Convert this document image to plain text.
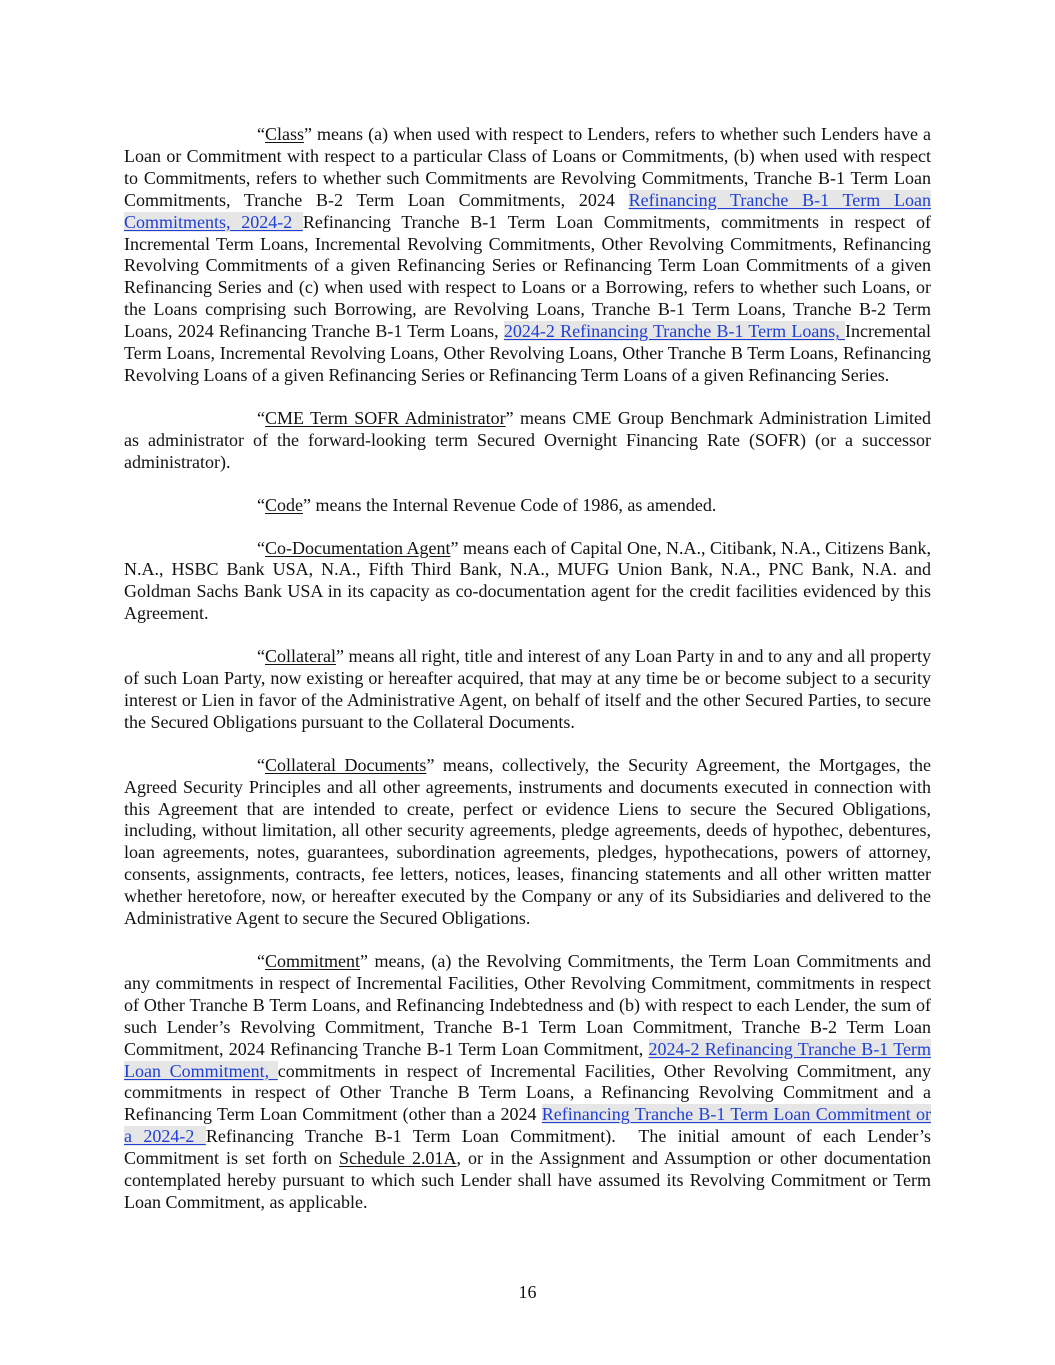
“Class” means (a) when used with respect to Lenders, refers to whether such Lenders have a Loan or Commitment with respect to a particular Class of Loans or Commitments, (b) when used with respect to Commitments, refers to whether such Commitments are Revolving Commitments, Tranche B-1 Term Loan Commitments, Tranche B-2 Term Loan Commitments, 2024 Refinancing Tranche B-1 Term Loan Commitments, 2024-2 Refinancing Tranche B-1 Term Loan Commitments, commitments in respect of Incremental Term Loans, Incremental Revolving Commitments, Other Revolving Commitments, Refinancing Revolving Commitments of a given Refinancing Series or Refinancing Term Loan Commitments of a given Refinancing Series and (c) when used with respect to Loans or a Borrowing, refers to whether such Loans, or the Loans comprising such Borrowing, are Revolving Loans, Tranche B-1 Term Loans, Tranche B-2 Term Loans, 2024 Refinancing Tranche B-1 Term Loans, 2024-2 Refinancing Tranche B-1 Term Loans, Incremental Term Loans, Incremental Revolving Loans, Other Revolving Loans, Other Tranche B Term Loans, Refinancing Revolving Loans of a given Refinancing Series or Refinancing Term Loans of a given Refinancing Series.

“CME Term SOFR Administrator” means CME Group Benchmark Administration Limited as administrator of the forward-looking term Secured Overnight Financing Rate (SOFR) (or a successor administrator).

“Code” means the Internal Revenue Code of 1986, as amended.

“Co-Documentation Agent” means each of Capital One, N.A., Citibank, N.A., Citizens Bank, N.A., HSBC Bank USA, N.A., Fifth Third Bank, N.A., MUFG Union Bank, N.A., PNC Bank, N.A. and Goldman Sachs Bank USA in its capacity as co-documentation agent for the credit facilities evidenced by this Agreement.

“Collateral” means all right, title and interest of any Loan Party in and to any and all property of such Loan Party, now existing or hereafter acquired, that may at any time be or become subject to a security interest or Lien in favor of the Administrative Agent, on behalf of itself and the other Secured Parties, to secure the Secured Obligations pursuant to the Collateral Documents.

“Collateral Documents” means, collectively, the Security Agreement, the Mortgages, the Agreed Security Principles and all other agreements, instruments and documents executed in connection with this Agreement that are intended to create, perfect or evidence Liens to secure the Secured Obligations, including, without limitation, all other security agreements, pledge agreements, deeds of hypothec, debentures, loan agreements, notes, guarantees, subordination agreements, pledges, hypothecations, powers of attorney, consents, assignments, contracts, fee letters, notices, leases, financing statements and all other written matter whether heretofore, now, or hereafter executed by the Company or any of its Subsidiaries and delivered to the Administrative Agent to secure the Secured Obligations.

“Commitment” means, (a) the Revolving Commitments, the Term Loan Commitments and any commitments in respect of Incremental Facilities, Other Revolving Commitment, commitments in respect of Other Tranche B Term Loans, and Refinancing Indebtedness and (b) with respect to each Lender, the sum of such Lender’s Revolving Commitment, Tranche B-1 Term Loan Commitment, Tranche B-2 Term Loan Commitment, 2024 Refinancing Tranche B-1 Term Loan Commitment, 2024-2 Refinancing Tranche B-1 Term Loan Commitment, commitments in respect of Incremental Facilities, Other Revolving Commitment, any commitments in respect of Other Tranche B Term Loans, a Refinancing Revolving Commitment and a Refinancing Term Loan Commitment (other than a 2024 Refinancing Tranche B-1 Term Loan Commitment or a 2024-2 Refinancing Tranche B-1 Term Loan Commitment).  The initial amount of each Lender’s Commitment is set forth on Schedule 2.01A, or in the Assignment and Assumption or other documentation contemplated hereby pursuant to which such Lender shall have assumed its Revolving Commitment or Term Loan Commitment, as applicable.

16
